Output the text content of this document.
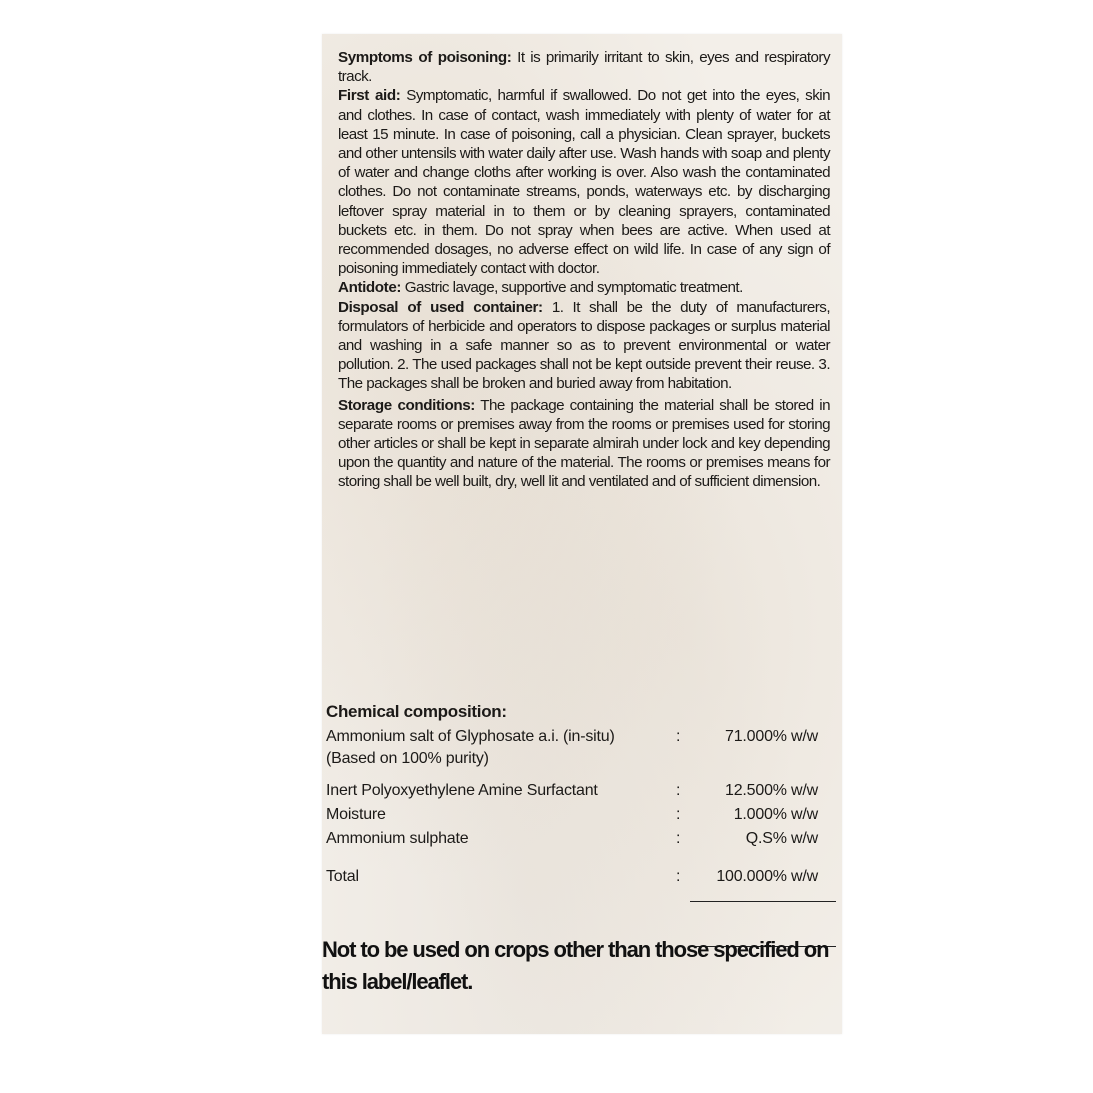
Symptoms of poisoning: It is primarily irritant to skin, eyes and respiratory track.

First aid: Symptomatic, harmful if swallowed. Do not get into the eyes, skin and clothes. In case of contact, wash immediately with plenty of water for at least 15 minute. In case of poisoning, call a physician. Clean sprayer, buckets and other untensils with water daily after use. Wash hands with soap and plenty of water and change cloths after working is over. Also wash the contaminated clothes. Do not contaminate streams, ponds, waterways etc. by discharging leftover spray material in to them or by cleaning sprayers, contaminated buckets etc. in them. Do not spray when bees are active. When used at recommended dosages, no adverse effect on wild life. In case of any sign of poisoning immediately contact with doctor.

Antidote: Gastric lavage, supportive and symptomatic treatment.

Disposal of used container: 1. It shall be the duty of manufacturers, formulators of herbicide and operators to dispose packages or surplus material and washing in a safe manner so as to prevent environmental or water pollution. 2. The used packages shall not be kept outside prevent their reuse. 3. The packages shall be broken and buried away from habitation.

Storage conditions: The package containing the material shall be stored in separate rooms or premises away from the rooms or premises used for storing other articles or shall be kept in separate almirah under lock and key depending upon the quantity and nature of the material. The rooms or premises means for storing shall be well built, dry, well lit and ventilated and of sufficient dimension.

Chemical composition:

Ammonium salt of Glyphosate a.i. (in-situ)	:	71.000% w/w
(Based on 100% purity)
Inert Polyoxyethylene Amine Surfactant	:	12.500% w/w
Moisture	:	1.000% w/w
Ammonium sulphate	:	Q.S% w/w
Total	: 100.000% w/w

Not to be used on crops other than those specified on this label/leaflet.
